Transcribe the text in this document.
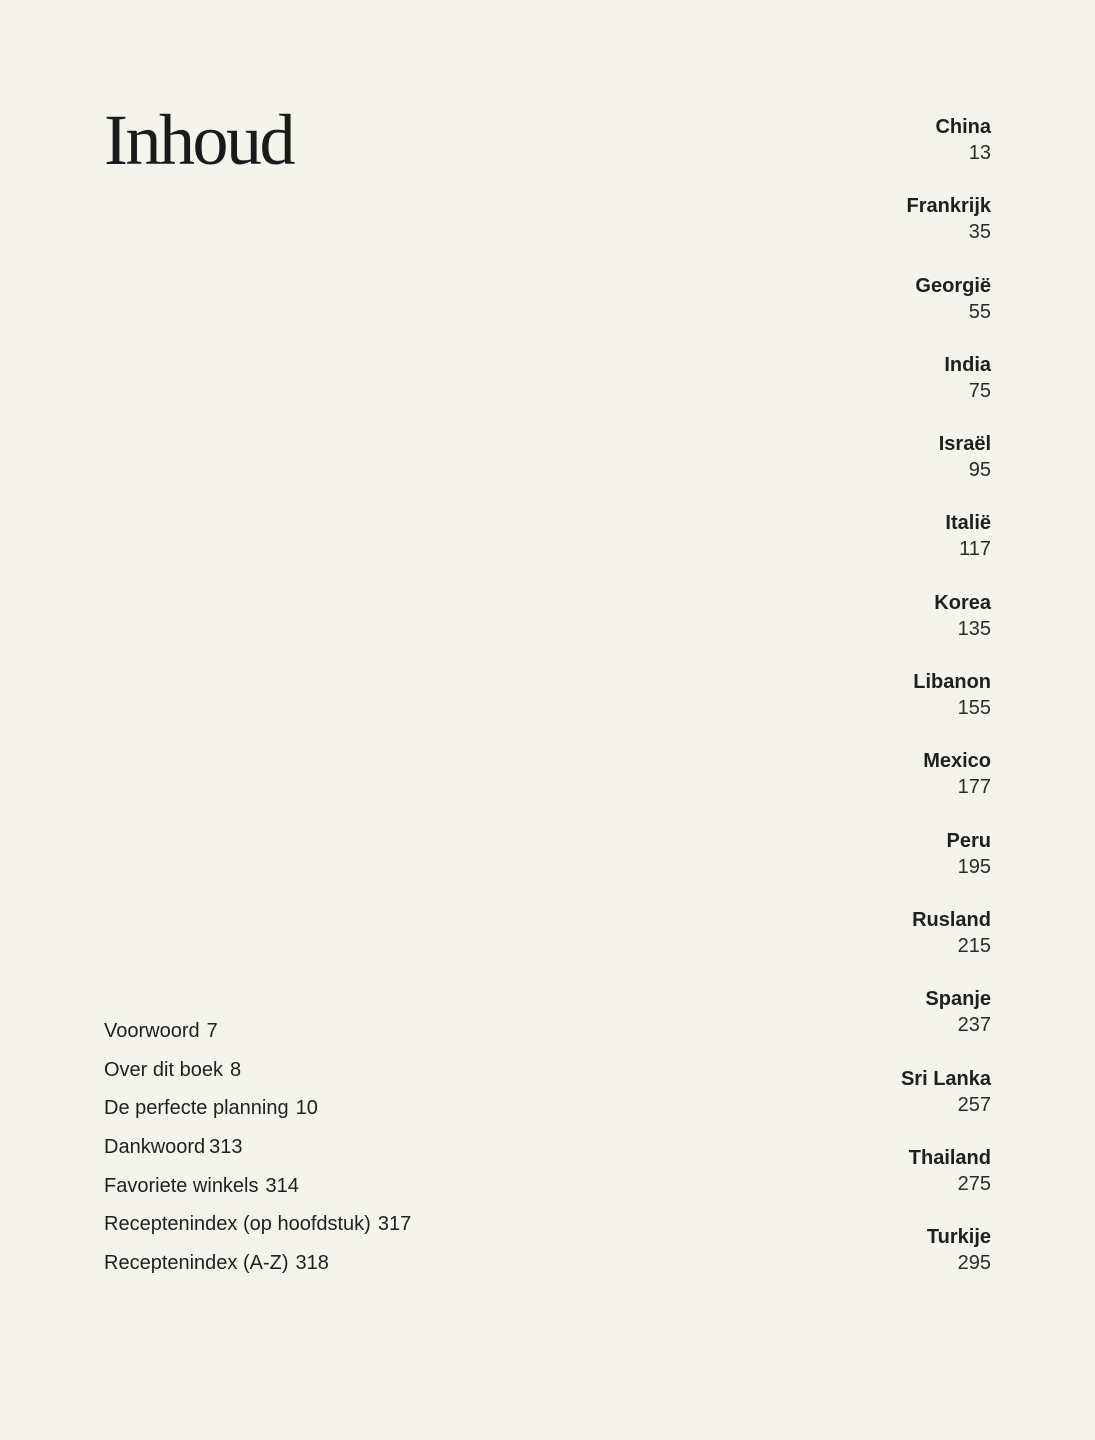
Inhoud	China
13
Frankrijk
35
Georgië
55
India
75
Israël
95
Italië
117
Korea
135
Libanon
155
Mexico
177
Peru
195
Rusland
215
Spanje
237
Sri Lanka
257
Thailand
275
Turkije
295
Voorwoord 7
Over dit boek 8
De perfecte planning 10
Dankwoord 313
Favoriete winkels 314
Receptenindex (op hoofdstuk) 317
Receptenindex (A-Z) 318
